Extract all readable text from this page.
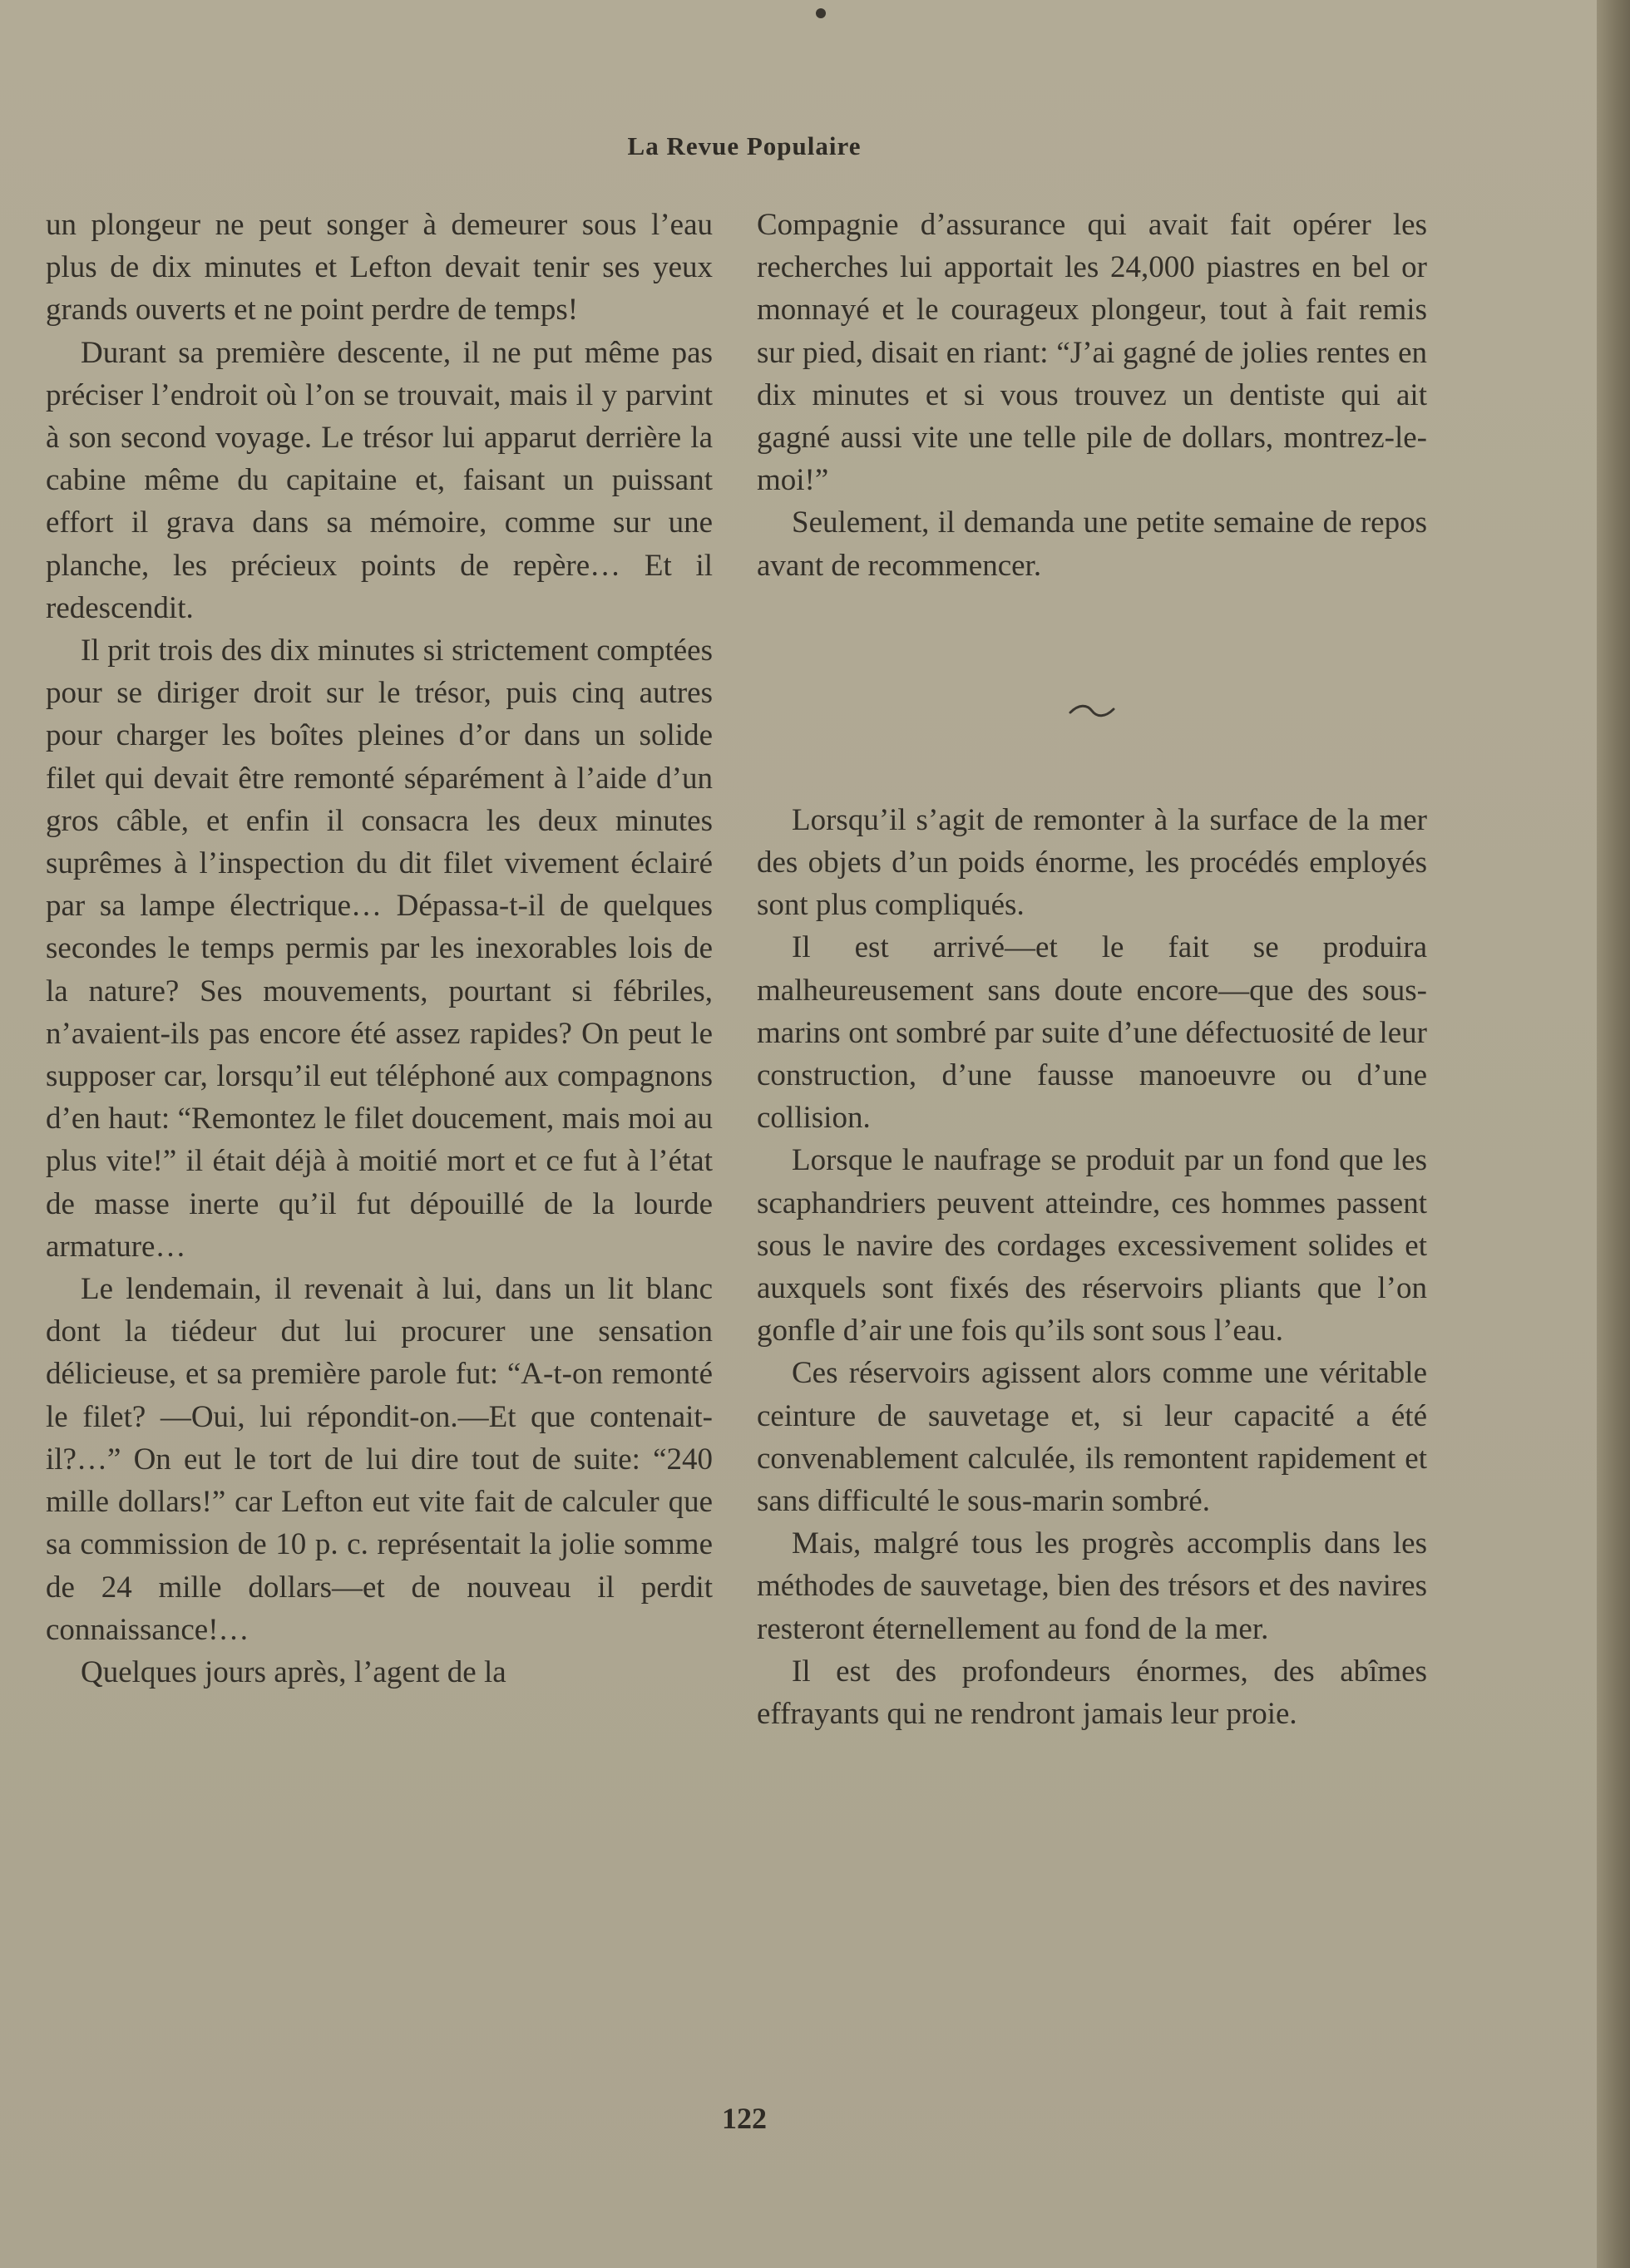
La Revue Populaire

un plongeur ne peut songer à demeurer sous l’eau plus de dix minutes et Lefton devait tenir ses yeux grands ouverts et ne point perdre de temps!

Durant sa première descente, il ne put même pas préciser l’endroit où l’on se trouvait, mais il y parvint à son second voyage. Le trésor lui apparut derrière la cabine même du capitaine et, faisant un puissant effort il grava dans sa mémoire, comme sur une planche, les précieux points de repère… Et il redescendit.

Il prit trois des dix minutes si strictement comptées pour se diriger droit sur le trésor, puis cinq autres pour charger les boîtes pleines d’or dans un solide filet qui devait être remonté séparément à l’aide d’un gros câble, et enfin il consacra les deux minutes suprêmes à l’inspection du dit filet vivement éclairé par sa lampe électrique… Dépassa-t-il de quelques secondes le temps permis par les inexorables lois de la nature? Ses mouvements, pourtant si fébriles, n’avaient-ils pas encore été assez rapides? On peut le supposer car, lorsqu’il eut téléphoné aux compagnons d’en haut: “Remontez le filet doucement, mais moi au plus vite!” il était déjà à moitié mort et ce fut à l’état de masse inerte qu’il fut dépouillé de la lourde armature…

Le lendemain, il revenait à lui, dans un lit blanc dont la tiédeur dut lui procurer une sensation délicieuse, et sa première parole fut: “A-t-on remonté le filet? —Oui, lui répondit-on.—Et que contenait-il?…” On eut le tort de lui dire tout de suite: “240 mille dollars!” car Lefton eut vite fait de calculer que sa commission de 10 p. c. représentait la jolie somme de 24 mille dollars—et de nouveau il perdit connaissance!…

Quelques jours après, l’agent de la

Compagnie d’assurance qui avait fait opérer les recherches lui apportait les 24,000 piastres en bel or monnayé et le courageux plongeur, tout à fait remis sur pied, disait en riant: “J’ai gagné de jolies rentes en dix minutes et si vous trouvez un dentiste qui ait gagné aussi vite une telle pile de dollars, montrez-le-moi!”

Seulement, il demanda une petite semaine de repos avant de recommencer.

Lorsqu’il s’agit de remonter à la surface de la mer des objets d’un poids énorme, les procédés employés sont plus compliqués.

Il est arrivé—et le fait se produira malheureusement sans doute encore—que des sous-marins ont sombré par suite d’une défectuosité de leur construction, d’une fausse manoeuvre ou d’une collision.

Lorsque le naufrage se produit par un fond que les scaphandriers peuvent atteindre, ces hommes passent sous le navire des cordages excessivement solides et auxquels sont fixés des réservoirs pliants que l’on gonfle d’air une fois qu’ils sont sous l’eau.

Ces réservoirs agissent alors comme une véritable ceinture de sauvetage et, si leur capacité a été convenablement calculée, ils remontent rapidement et sans difficulté le sous-marin sombré.

Mais, malgré tous les progrès accomplis dans les méthodes de sauvetage, bien des trésors et des navires resteront éternellement au fond de la mer.

Il est des profondeurs énormes, des abîmes effrayants qui ne rendront jamais leur proie.

122
